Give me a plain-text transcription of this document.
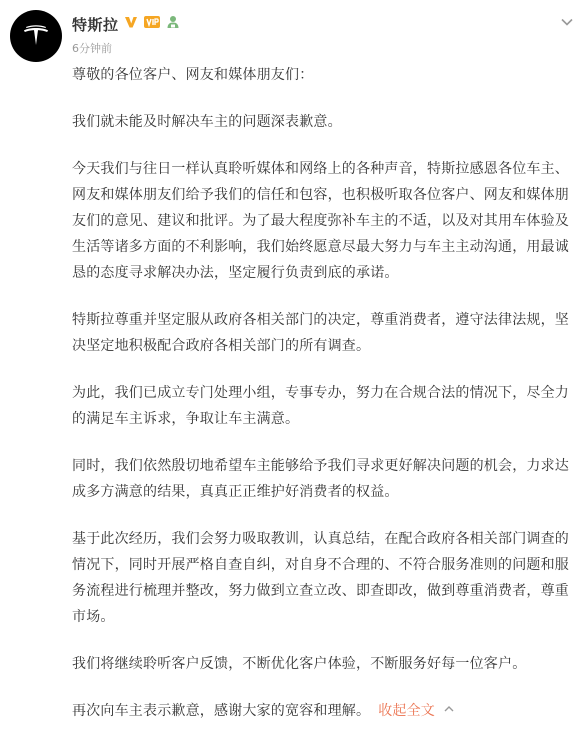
特斯拉
6分钟前

尊敬的各位客户、网友和媒体朋友们：

我们就未能及时解决车主的问题深表歉意。

今天我们与往日一样认真聆听媒体和网络上的各种声音，特斯拉感恩各位车主、网友和媒体朋友们给予我们的信任和包容，也积极听取各位客户、网友和媒体朋友们的意见、建议和批评。为了最大程度弥补车主的不适，以及对其用车体验及生活等诸多方面的不利影响，我们始终愿意尽最大努力与车主主动沟通，用最诚恳的态度寻求解决办法，坚定履行负责到底的承诺。

特斯拉尊重并坚定服从政府各相关部门的决定，尊重消费者，遵守法律法规，坚决坚定地积极配合政府各相关部门的所有调查。

为此，我们已成立专门处理小组，专事专办，努力在合规合法的情况下，尽全力的满足车主诉求，争取让车主满意。

同时，我们依然殷切地希望车主能够给予我们寻求更好解决问题的机会，力求达成多方满意的结果，真真正正维护好消费者的权益。

基于此次经历，我们会努力吸取教训，认真总结，在配合政府各相关部门调查的情况下，同时开展严格自查自纠，对自身不合理的、不符合服务准则的问题和服务流程进行梳理并整改，努力做到立查立改、即查即改，做到尊重消费者，尊重市场。

我们将继续聆听客户反馈，不断优化客户体验，不断服务好每一位客户。

再次向车主表示歉意，感谢大家的宽容和理解。 收起全文
